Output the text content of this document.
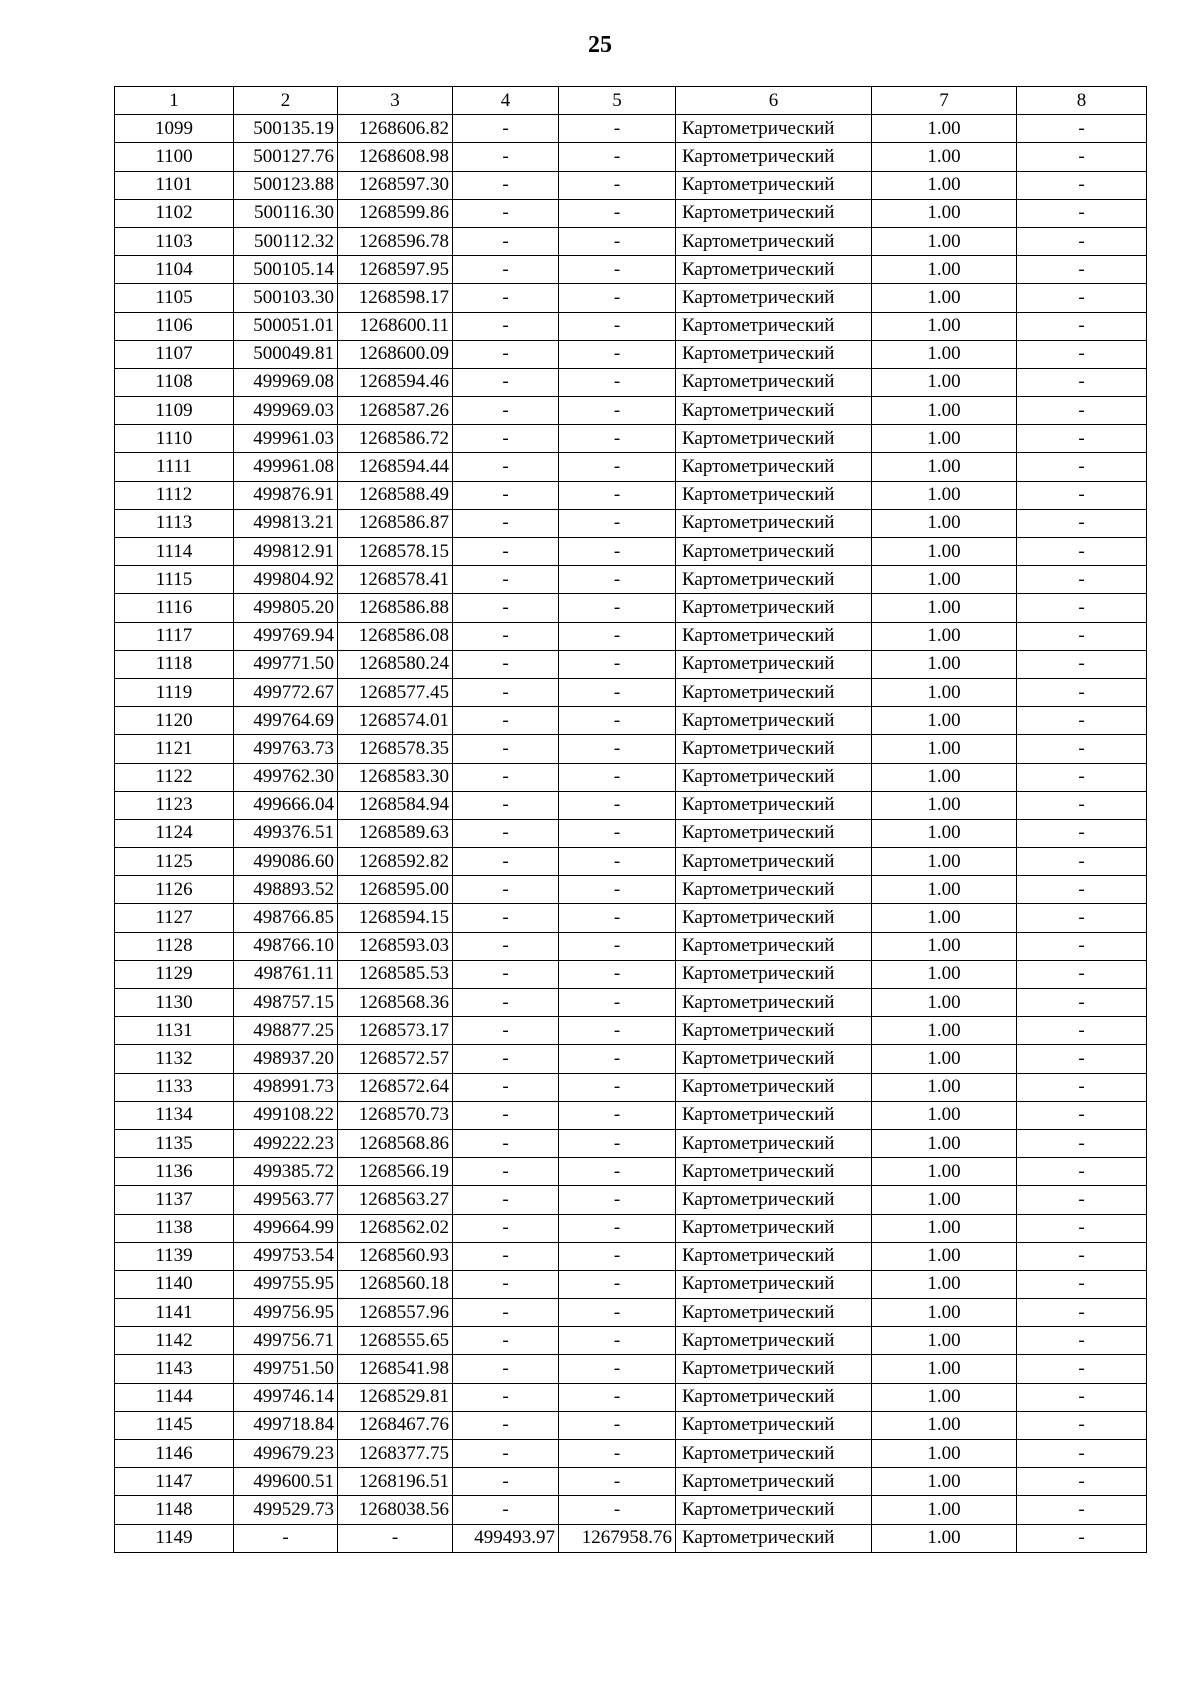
25
1	2	3	4	5	6	7	8
1099	500135.19	1268606.82	-	-	Картометрический	1.00	-
1100	500127.76	1268608.98	-	-	Картометрический	1.00	-
1101	500123.88	1268597.30	-	-	Картометрический	1.00	-
1102	500116.30	1268599.86	-	-	Картометрический	1.00	-
1103	500112.32	1268596.78	-	-	Картометрический	1.00	-
1104	500105.14	1268597.95	-	-	Картометрический	1.00	-
1105	500103.30	1268598.17	-	-	Картометрический	1.00	-
1106	500051.01	1268600.11	-	-	Картометрический	1.00	-
1107	500049.81	1268600.09	-	-	Картометрический	1.00	-
1108	499969.08	1268594.46	-	-	Картометрический	1.00	-
1109	499969.03	1268587.26	-	-	Картометрический	1.00	-
1110	499961.03	1268586.72	-	-	Картометрический	1.00	-
1111	499961.08	1268594.44	-	-	Картометрический	1.00	-
1112	499876.91	1268588.49	-	-	Картометрический	1.00	-
1113	499813.21	1268586.87	-	-	Картометрический	1.00	-
1114	499812.91	1268578.15	-	-	Картометрический	1.00	-
1115	499804.92	1268578.41	-	-	Картометрический	1.00	-
1116	499805.20	1268586.88	-	-	Картометрический	1.00	-
1117	499769.94	1268586.08	-	-	Картометрический	1.00	-
1118	499771.50	1268580.24	-	-	Картометрический	1.00	-
1119	499772.67	1268577.45	-	-	Картометрический	1.00	-
1120	499764.69	1268574.01	-	-	Картометрический	1.00	-
1121	499763.73	1268578.35	-	-	Картометрический	1.00	-
1122	499762.30	1268583.30	-	-	Картометрический	1.00	-
1123	499666.04	1268584.94	-	-	Картометрический	1.00	-
1124	499376.51	1268589.63	-	-	Картометрический	1.00	-
1125	499086.60	1268592.82	-	-	Картометрический	1.00	-
1126	498893.52	1268595.00	-	-	Картометрический	1.00	-
1127	498766.85	1268594.15	-	-	Картометрический	1.00	-
1128	498766.10	1268593.03	-	-	Картометрический	1.00	-
1129	498761.11	1268585.53	-	-	Картометрический	1.00	-
1130	498757.15	1268568.36	-	-	Картометрический	1.00	-
1131	498877.25	1268573.17	-	-	Картометрический	1.00	-
1132	498937.20	1268572.57	-	-	Картометрический	1.00	-
1133	498991.73	1268572.64	-	-	Картометрический	1.00	-
1134	499108.22	1268570.73	-	-	Картометрический	1.00	-
1135	499222.23	1268568.86	-	-	Картометрический	1.00	-
1136	499385.72	1268566.19	-	-	Картометрический	1.00	-
1137	499563.77	1268563.27	-	-	Картометрический	1.00	-
1138	499664.99	1268562.02	-	-	Картометрический	1.00	-
1139	499753.54	1268560.93	-	-	Картометрический	1.00	-
1140	499755.95	1268560.18	-	-	Картометрический	1.00	-
1141	499756.95	1268557.96	-	-	Картометрический	1.00	-
1142	499756.71	1268555.65	-	-	Картометрический	1.00	-
1143	499751.50	1268541.98	-	-	Картометрический	1.00	-
1144	499746.14	1268529.81	-	-	Картометрический	1.00	-
1145	499718.84	1268467.76	-	-	Картометрический	1.00	-
1146	499679.23	1268377.75	-	-	Картометрический	1.00	-
1147	499600.51	1268196.51	-	-	Картометрический	1.00	-
1148	499529.73	1268038.56	-	-	Картометрический	1.00	-
1149	-	-	499493.97	1267958.76	Картометрический	1.00	-
